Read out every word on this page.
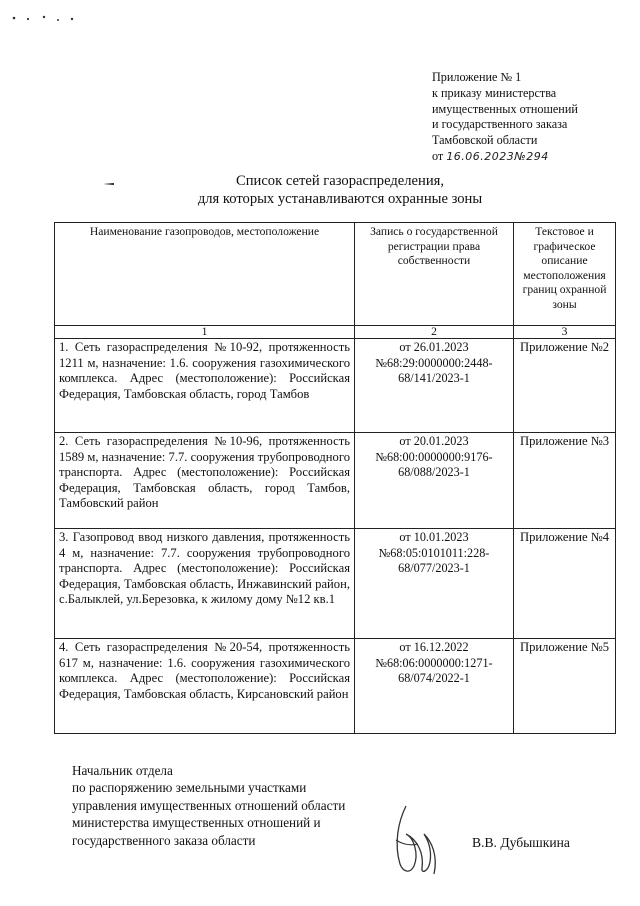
Приложение № 1
к приказу министерства
имущественных отношений
и государственного заказа
Тамбовской области
от 16.06.2023№294
Список сетей газораспределения,
для которых устанавливаются охранные зоны
Наименование газопроводов, местоположение	Запись о государственной регистрации права собственности	Текстовое и графическое описание местоположения границ охранной зоны
1	2	3
1. Сеть газораспределения №10-92, протяженность 1211 м, назначение: 1.6. сооружения газохимического комплекса. Адрес (местоположение): Российская Федерация, Тамбовская область, город Тамбов	от 26.01.2023 №68:29:0000000:2448-68/141/2023-1	Приложение №2
2. Сеть газораспределения №10-96, протяженность 1589 м, назначение: 7.7. сооружения трубопроводного транспорта. Адрес (местоположение): Российская Федерация, Тамбовская область, город Тамбов, Тамбовский район	от 20.01.2023 №68:00:0000000:9176-68/088/2023-1	Приложение №3
3. Газопровод ввод низкого давления, протяженность 4 м, назначение: 7.7. сооружения трубопроводного транспорта. Адрес (местоположение): Российская Федерация, Тамбовская область, Инжавинский район, с.Балыклей, ул.Березовка, к жилому дому №12 кв.1	от 10.01.2023 №68:05:0101011:228-68/077/2023-1	Приложение №4
4. Сеть газораспределения №20-54, протяженность 617 м, назначение: 1.6. сооружения газохимического комплекса. Адрес (местоположение): Российская Федерация, Тамбовская область, Кирсановский район	от 16.12.2022 №68:06:0000000:1271-68/074/2022-1	Приложение №5
Начальник отдела
по распоряжению земельными участками
управления имущественных отношений области
министерства имущественных отношений и
государственного заказа области	В.В. Дубышкина
